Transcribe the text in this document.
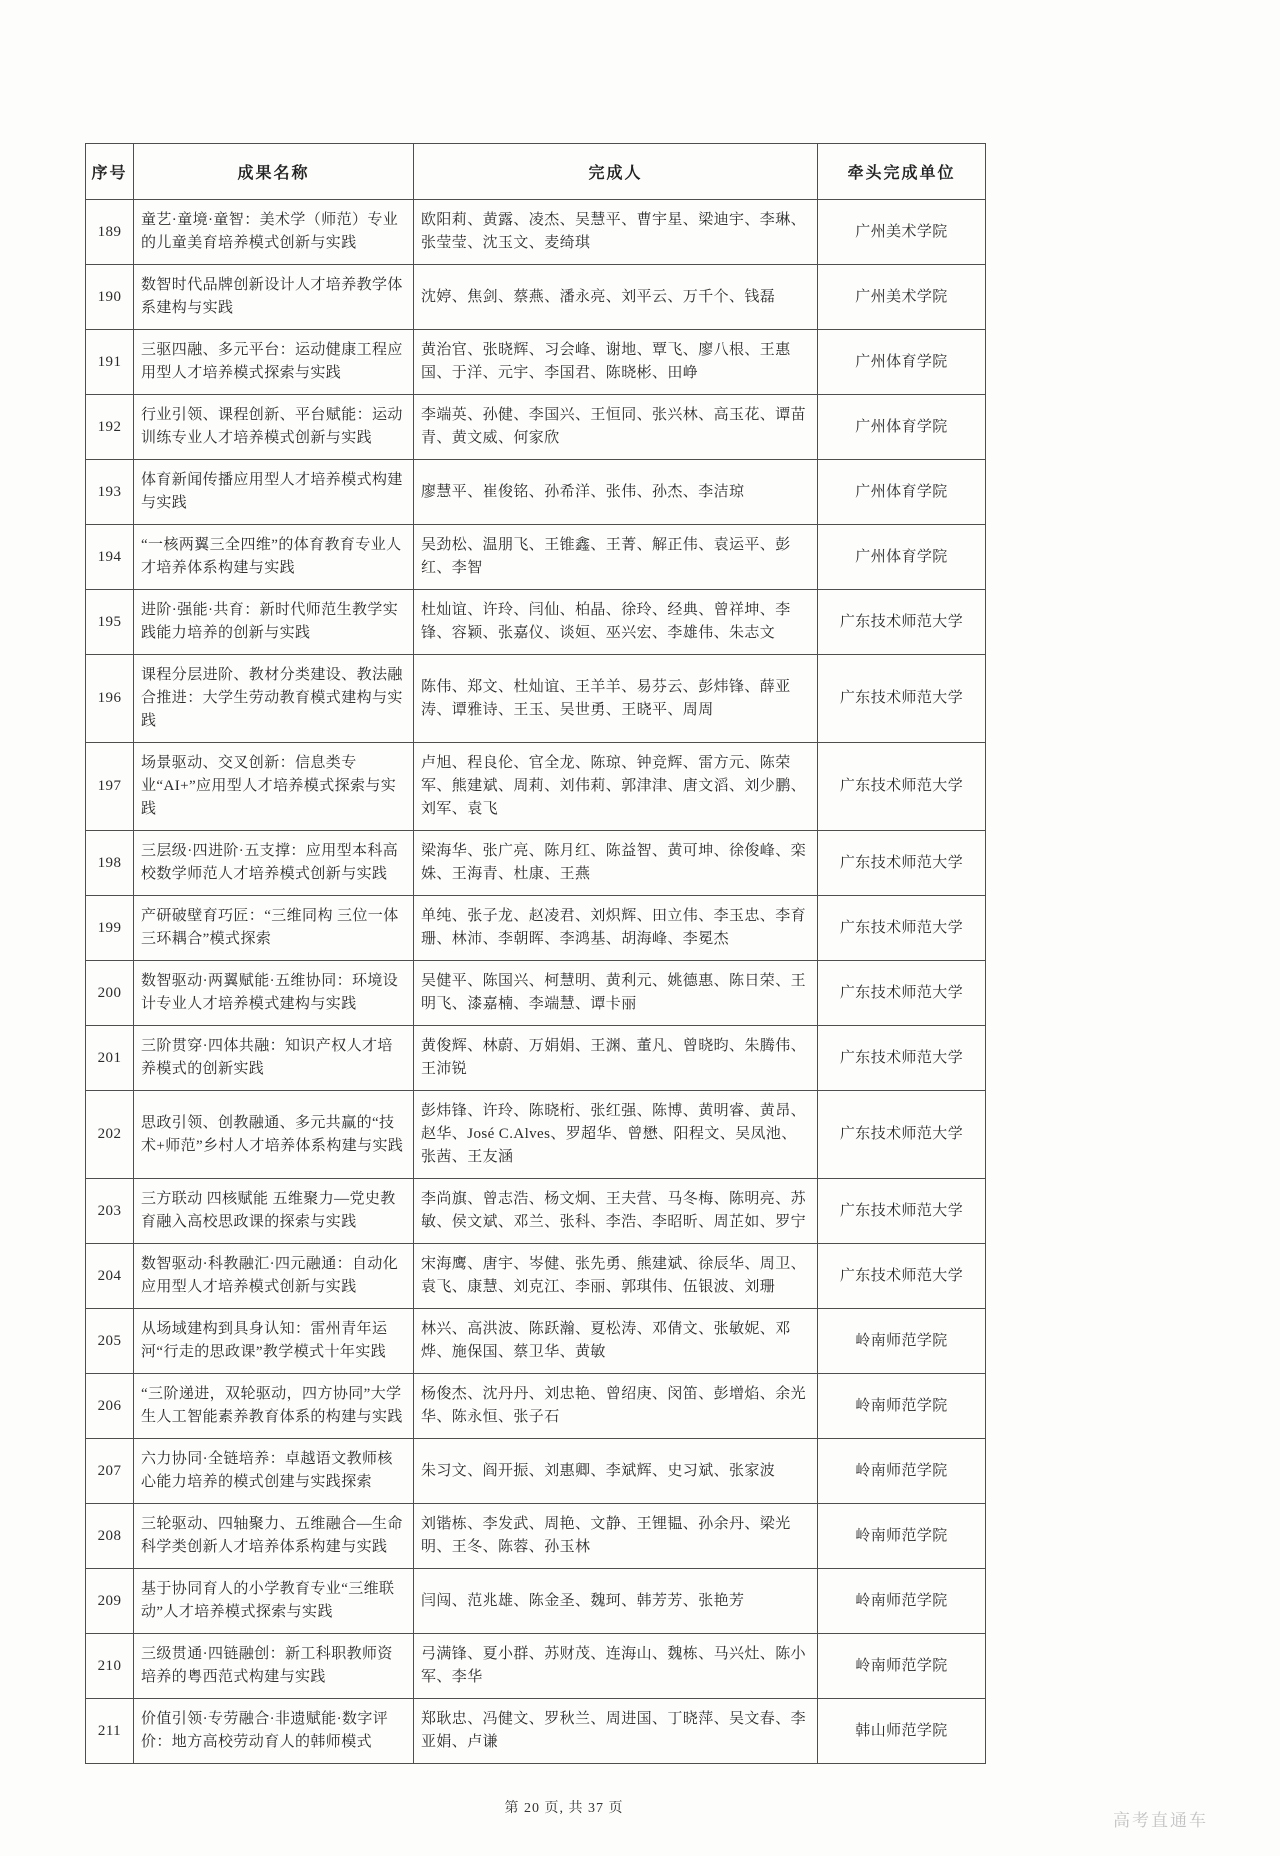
序号	成果名称	完成人	牵头完成单位
189	童艺·童境·童智：美术学（师范）专业的儿童美育培养模式创新与实践	欧阳莉、黄露、凌杰、吴慧平、曹宇星、梁迪宇、李琳、张莹莹、沈玉文、麦绮琪	广州美术学院
190	数智时代品牌创新设计人才培养教学体系建构与实践	沈婷、焦剑、蔡燕、潘永亮、刘平云、万千个、钱磊	广州美术学院
191	三驱四融、多元平台：运动健康工程应用型人才培养模式探索与实践	黄治官、张晓辉、习会峰、谢地、覃飞、廖八根、王惠国、于洋、元宇、李国君、陈晓彬、田峥	广州体育学院
192	行业引领、课程创新、平台赋能：运动训练专业人才培养模式创新与实践	李端英、孙健、李国兴、王恒同、张兴林、高玉花、谭苗青、黄文威、何家欣	广州体育学院
193	体育新闻传播应用型人才培养模式构建与实践	廖慧平、崔俊铭、孙希洋、张伟、孙杰、李洁琼	广州体育学院
194	“一核两翼三全四维”的体育教育专业人才培养体系构建与实践	吴劲松、温朋飞、王锥鑫、王菁、解正伟、袁运平、彭红、李智	广州体育学院
195	进阶·强能·共育：新时代师范生教学实践能力培养的创新与实践	杜灿谊、许玲、闫仙、柏晶、徐玲、经典、曾祥坤、李锋、容颖、张嘉仪、谈姮、巫兴宏、李雄伟、朱志文	广东技术师范大学
196	课程分层进阶、教材分类建设、教法融合推进：大学生劳动教育模式建构与实践	陈伟、郑文、杜灿谊、王羊羊、易芬云、彭炜锋、薛亚涛、谭雅诗、王玉、吴世勇、王晓平、周周	广东技术师范大学
197	场景驱动、交叉创新：信息类专业“AI+”应用型人才培养模式探索与实践	卢旭、程良伦、官全龙、陈琼、钟竞辉、雷方元、陈荣军、熊建斌、周莉、刘伟莉、郭津津、唐文滔、刘少鹏、刘军、袁飞	广东技术师范大学
198	三层级·四进阶·五支撑：应用型本科高校数学师范人才培养模式创新与实践	梁海华、张广亮、陈月红、陈益智、黄可坤、徐俊峰、栾姝、王海青、杜康、王燕	广东技术师范大学
199	产研破壁育巧匠：“三维同构 三位一体 三环耦合”模式探索	单纯、张子龙、赵凌君、刘炽辉、田立伟、李玉忠、李育珊、林沛、李朝晖、李鸿基、胡海峰、李冕杰	广东技术师范大学
200	数智驱动·两翼赋能·五维协同：环境设计专业人才培养模式建构与实践	吴健平、陈国兴、柯慧明、黄利元、姚德惠、陈日荣、王明飞、漆嘉楠、李端慧、谭卡丽	广东技术师范大学
201	三阶贯穿·四体共融：知识产权人才培养模式的创新实践	黄俊辉、林蔚、万娟娟、王渊、董凡、曾晓昀、朱腾伟、王沛锐	广东技术师范大学
202	思政引领、创教融通、多元共赢的“技术+师范”乡村人才培养体系构建与实践	彭炜锋、许玲、陈晓桁、张红强、陈博、黄明睿、黄昂、赵华、José C.Alves、罗超华、曾懋、阳程文、吴凤池、张茜、王友涵	广东技术师范大学
203	三方联动 四核赋能 五维聚力—党史教育融入高校思政课的探索与实践	李尚旗、曾志浩、杨文炯、王夫营、马冬梅、陈明亮、苏敏、侯文斌、邓兰、张科、李浩、李昭昕、周芷如、罗宁	广东技术师范大学
204	数智驱动·科教融汇·四元融通：自动化应用型人才培养模式创新与实践	宋海鹰、唐宇、岑健、张先勇、熊建斌、徐辰华、周卫、袁飞、康慧、刘克江、李丽、郭琪伟、伍银波、刘珊	广东技术师范大学
205	从场域建构到具身认知：雷州青年运河“行走的思政课”教学模式十年实践	林兴、高洪波、陈跃瀚、夏松涛、邓倩文、张敏妮、邓烨、施保国、蔡卫华、黄敏	岭南师范学院
206	“三阶递进，双轮驱动，四方协同”大学生人工智能素养教育体系的构建与实践	杨俊杰、沈丹丹、刘忠艳、曾绍庚、闵笛、彭增焰、余光华、陈永恒、张子石	岭南师范学院
207	六力协同·全链培养：卓越语文教师核心能力培养的模式创建与实践探索	朱习文、阎开振、刘惠卿、李斌辉、史习斌、张家波	岭南师范学院
208	三轮驱动、四轴聚力、五维融合—生命科学类创新人才培养体系构建与实践	刘锴栋、李发武、周艳、文静、王锂韫、孙余丹、梁光明、王冬、陈蓉、孙玉林	岭南师范学院
209	基于协同育人的小学教育专业“三维联动”人才培养模式探索与实践	闫闯、范兆雄、陈金圣、魏珂、韩芳芳、张艳芳	岭南师范学院
210	三级贯通·四链融创：新工科职教师资培养的粤西范式构建与实践	弓满锋、夏小群、苏财茂、连海山、魏栋、马兴灶、陈小军、李华	岭南师范学院
211	价值引领·专劳融合·非遗赋能·数字评价：地方高校劳动育人的韩师模式	郑耿忠、冯健文、罗秋兰、周进国、丁晓萍、吴文春、李亚娟、卢谦	韩山师范学院
第 20 页, 共 37 页
高考直通车
